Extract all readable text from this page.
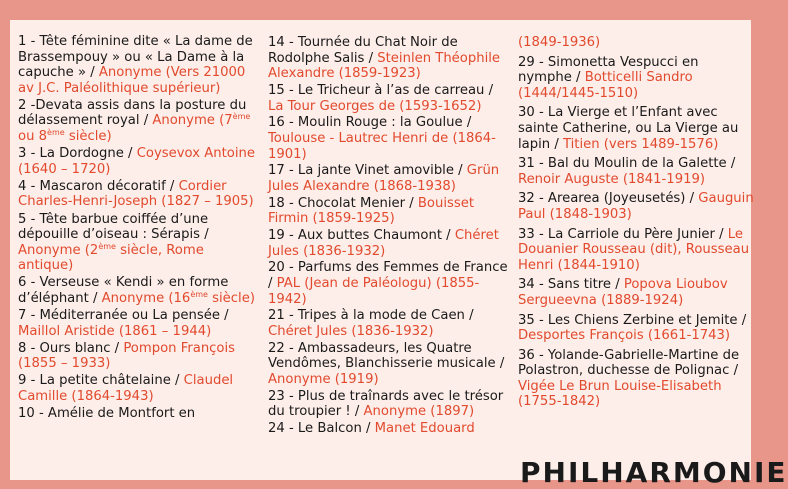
1 - Tête féminine dite « La dame de Brassempouy » ou « La Dame à la capuche » / Anonyme (Vers 21000 av J.C. Paléolithique supérieur)
2 -Devata assis dans la posture du délassement royal / Anonyme (7ème ou 8ème siècle)
3 - La Dordogne / Coysevox Antoine (1640 – 1720)
4 - Mascaron décoratif / Cordier Charles-Henri-Joseph (1827 – 1905)
5 - Tête barbue coiffée d’une dépouille d’oiseau : Sérapis / Anonyme (2ème siècle, Rome antique)
6 - Verseuse « Kendi » en forme d’éléphant / Anonyme (16ème siècle)
7 - Méditerranée ou La pensée / Maillol Aristide (1861 – 1944)
8 - Ours blanc / Pompon François (1855 – 1933)
9 - La petite châtelaine / Claudel Camille (1864-1943)
10 - Amélie de Montfort en
14 - Tournée du Chat Noir de Rodolphe Salis / Steinlen Théophile Alexandre (1859-1923)
15 - Le Tricheur à l’as de carreau / La Tour Georges de (1593-1652)
16 - Moulin Rouge : la Goulue / Toulouse - Lautrec Henri de (1864-1901)
17 - La jante Vinet amovible / Grün Jules Alexandre (1868-1938)
18 - Chocolat Menier / Bouisset Firmin (1859-1925)
19 - Aux buttes Chaumont / Chéret Jules (1836-1932)
20 - Parfums des Femmes de France / PAL (Jean de Paléologu) (1855-1942)
21 - Tripes à la mode de Caen / Chéret Jules (1836-1932)
22 - Ambassadeurs, les Quatre Vendômes, Blanchisserie musicale / Anonyme (1919)
23 - Plus de traînards avec le trésor du troupier ! / Anonyme (1897)
24 - Le Balcon / Manet Edouard
(1849-1936)
29 - Simonetta Vespucci en nymphe / Botticelli Sandro (1444/1445-1510)
30 - La Vierge et l’Enfant avec sainte Catherine, ou La Vierge au lapin / Titien (vers 1489-1576)
31 - Bal du Moulin de la Galette / Renoir Auguste (1841-1919)
32 - Arearea (Joyeusetés) / Gauguin Paul (1848-1903)
33 - La Carriole du Père Junier / Le Douanier Rousseau (dit), Rousseau Henri (1844-1910)
34 - Sans titre / Popova Lioubov Sergueevna (1889-1924)
35 - Les Chiens Zerbine et Jemite / Desportes François (1661-1743)
36 - Yolande-Gabrielle-Martine de Polastron, duchesse de Polignac / Vigée Le Brun Louise-Elisabeth (1755-1842)
PHILHARMONIE
